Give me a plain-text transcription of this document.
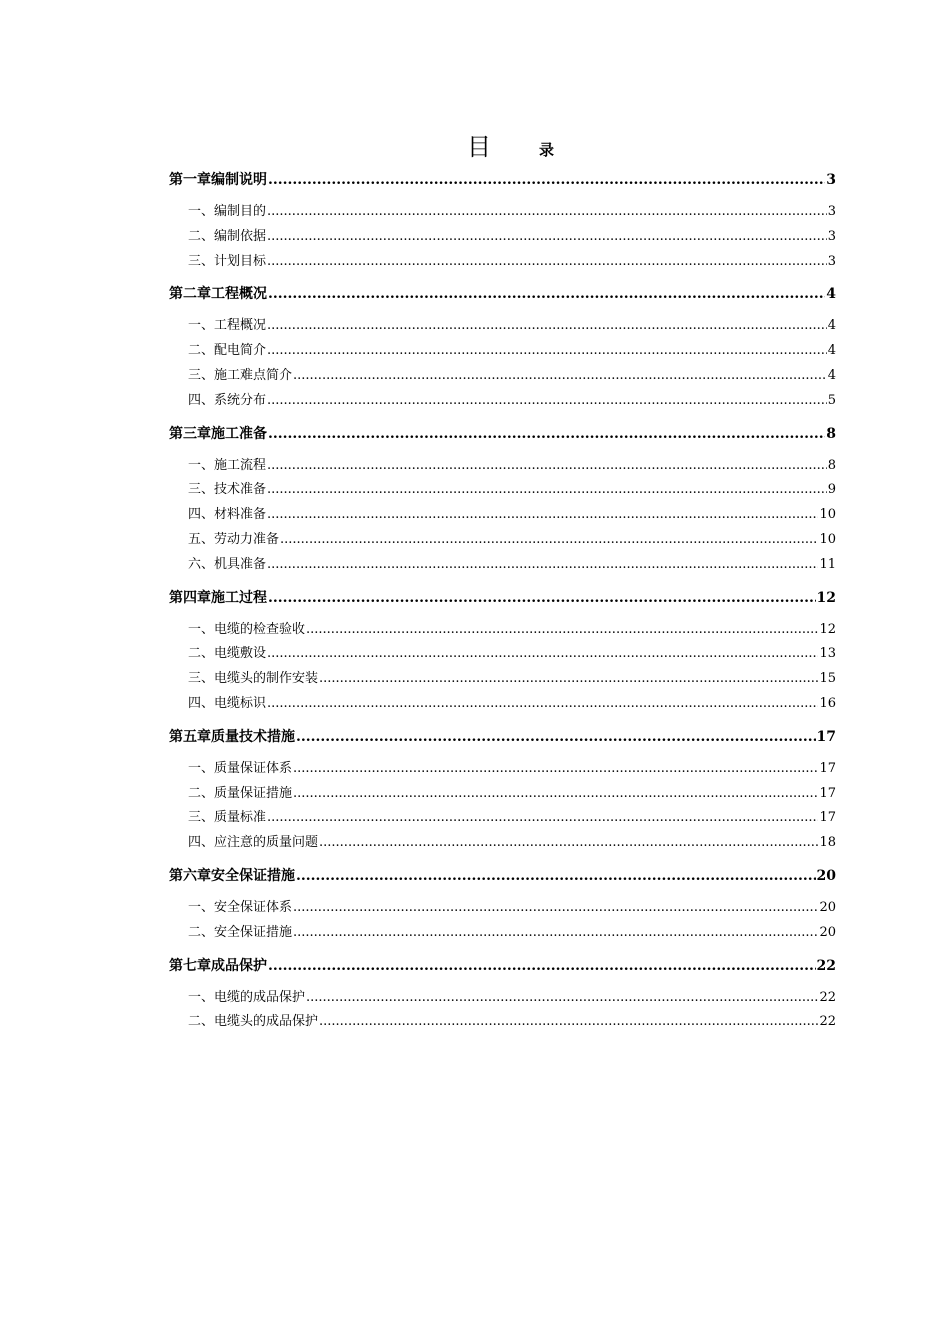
目	录
第一章 编制说明 .....	3
一、编制目的 .....	3
二、编制依据 .....	3
三、计划目标 .....	3
第二章 工程概况 .....	4
一、工程概况 .....	4
二、配电简介 .....	4
三、施工难点简介 .....	4
四、系统分布 .....	5
第三章 施工准备 .....	8
一、施工流程 .....	8
三、技术准备 .....	9
四、材料准备 .....	10
五、劳动力准备 .....	10
六、机具准备 .....	11
第四章 施工过程 .....	12
一、电缆的检查验收 .....	12
二、电缆敷设 .....	13
三、电缆头的制作安装 .....	15
四、电缆标识 .....	16
第五章 质量技术措施 .....	17
一、质量保证体系 .....	17
二、质量保证措施 .....	17
三、质量标准 .....	17
四、应注意的质量问题 .....	18
第六章 安全保证措施 .....	20
一、安全保证体系 .....	20
二、安全保证措施 .....	20
第七章 成品保护 .....	22
一、电缆的成品保护 .....	22
二、电缆头的成品保护 .....	22
